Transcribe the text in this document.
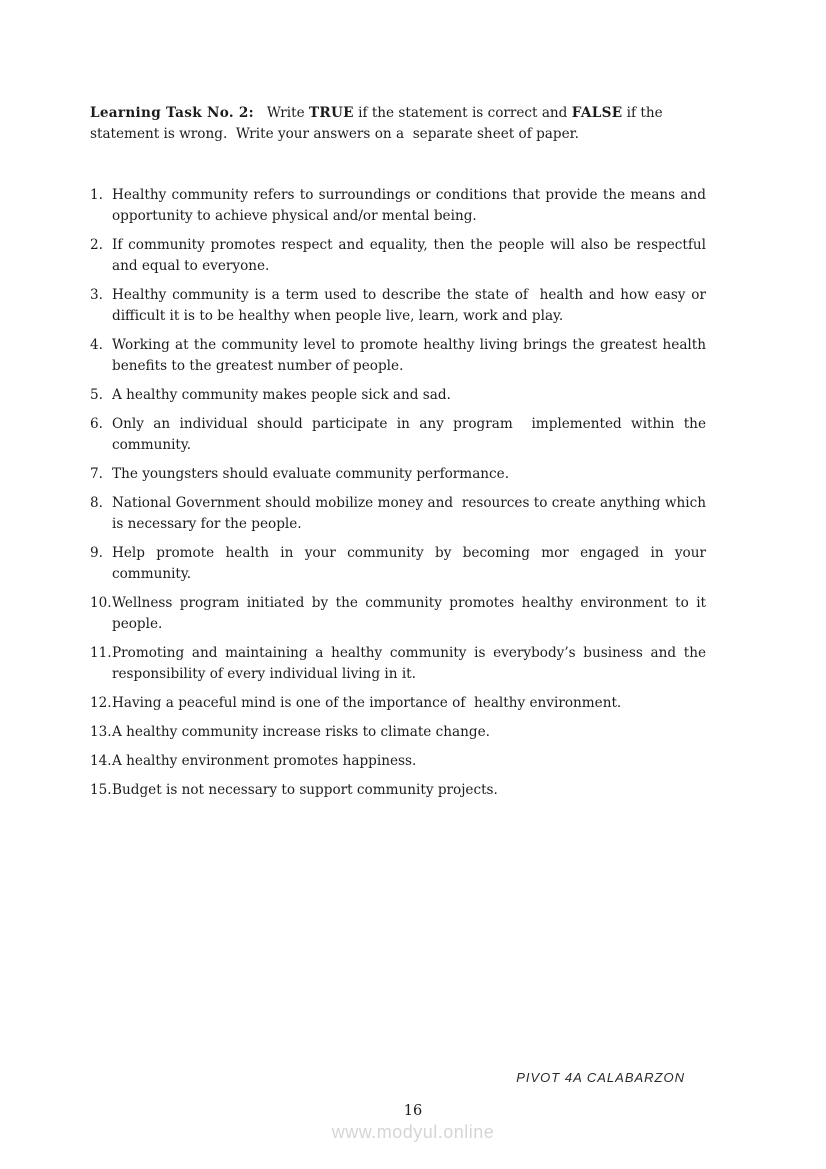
Learning Task No. 2:   Write TRUE if the statement is correct and FALSE if the statement is wrong.  Write your answers on a  separate sheet of paper.

1. Healthy community refers to surroundings or conditions that provide the means and opportunity to achieve physical and/or mental being.

2. If community promotes respect and equality, then the people will also be respectful and equal to everyone.

3. Healthy community is a term used to describe the state of  health and how easy or difficult it is to be healthy when people live, learn, work and play.

4. Working at the community level to promote healthy living brings the greatest health benefits to the greatest number of people.

5. A healthy community makes people sick and sad.

6. Only an individual should participate in any program  implemented within the community.

7. The youngsters should evaluate community performance.

8. National Government should mobilize money and  resources to create anything which is necessary for the people.

9. Help promote health in your community by becoming mor engaged in your community.

10.Wellness program initiated by the community promotes healthy environment to it people.

11.Promoting and maintaining a healthy community is everybody’s business and the responsibility of every individual living in it.

12.Having a peaceful mind is one of the importance of  healthy environment.

13.A healthy community increase risks to climate change.

14.A healthy environment promotes happiness.

15.Budget is not necessary to support community projects.

PIVOT 4A CALABARZON
16
www.modyul.online
